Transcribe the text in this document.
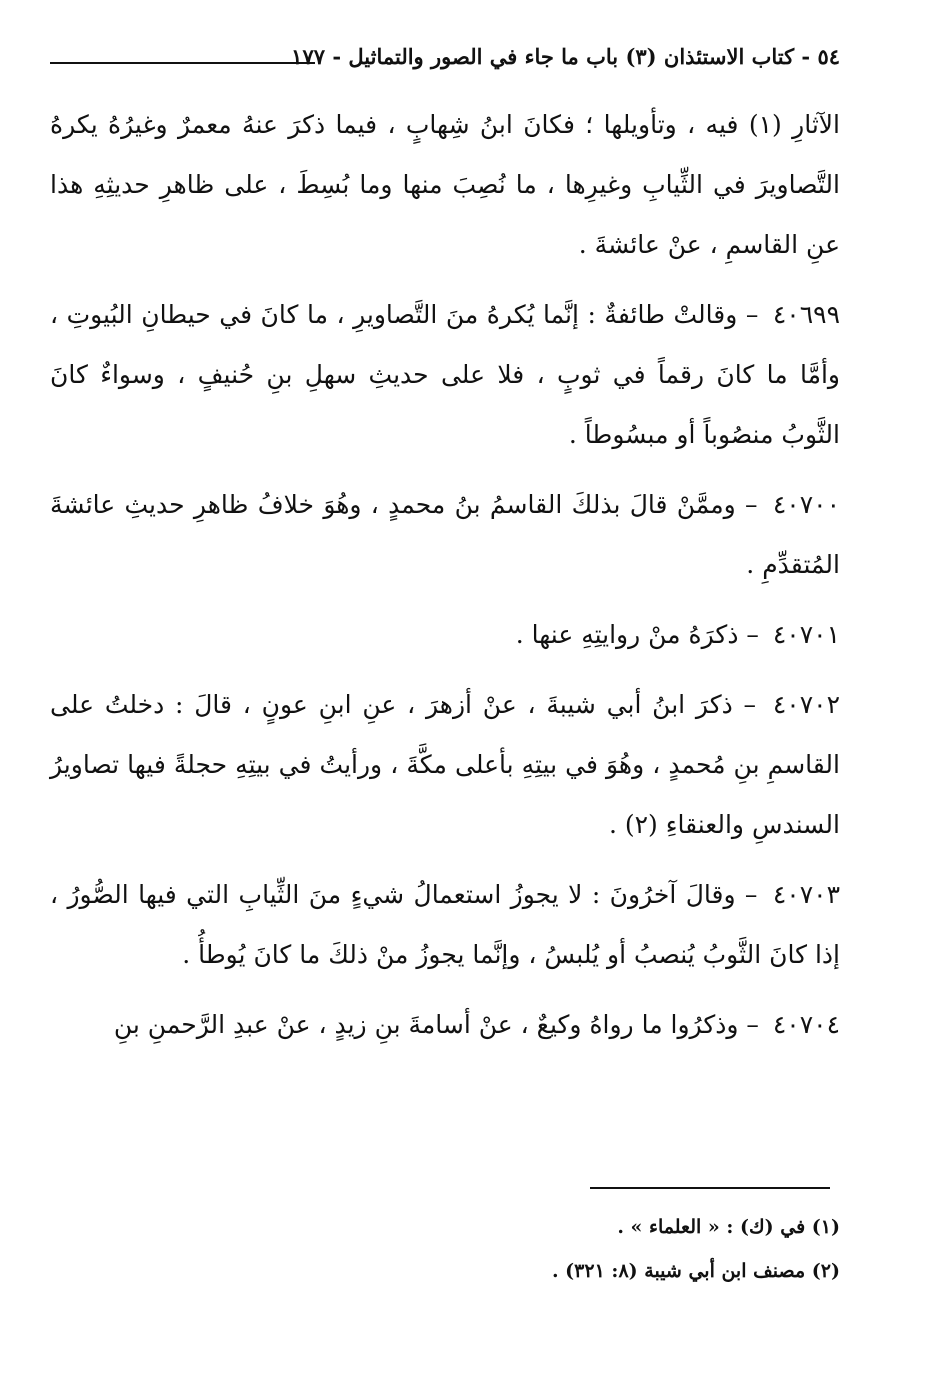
٥٤ - كتاب الاستئذان (٣) باب ما جاء في الصور والتماثيل - ١٧٧

الآثارِ (١) فيه ، وتأويلها ؛ فكانَ ابنُ شِهابٍ ، فيما ذكرَ عنهُ معمرٌ وغيرُهُ يكرهُ التَّصاويرَ في الثِّيابِ وغيرِها ، ما نُصِبَ منها وما بُسِطَ ، على ظاهرِ حديثِهِ هذا عنِ القاسمِ ، عنْ عائشةَ .

٤٠٦٩٩ – وقالتْ طائفةٌ : إنَّما يُكرهُ منَ التَّصاويرِ ، ما كانَ في حيطانِ البُيوتِ ، وأمَّا ما كانَ رقماً في ثوبٍ ، فلا على حديثِ سهلِ بنِ حُنيفٍ ، وسواءٌ كانَ الثَّوبُ منصُوباً أو مبسُوطاً .

٤٠٧٠٠ – وممَّنْ قالَ بذلكَ القاسمُ بنُ محمدٍ ، وهُوَ خلافُ ظاهرِ حديثِ عائشةَ المُتقدِّمِ .

٤٠٧٠١ – ذكرَهُ منْ روايتِهِ عنها .

٤٠٧٠٢ – ذكرَ ابنُ أبي شيبةَ ، عنْ أزهرَ ، عنِ ابنِ عونٍ ، قالَ : دخلتُ على القاسمِ بنِ مُحمدٍ ، وهُوَ في بيتِهِ بأعلى مكَّةَ ، ورأيتُ في بيتِهِ حجلةً فيها تصاويرُ السندسِ والعنقاءِ (٢) .

٤٠٧٠٣ – وقالَ آخرُونَ : لا يجوزُ استعمالُ شيءٍ منَ الثِّيابِ التي فيها الصُّورُ ، إذا كانَ الثَّوبُ يُنصبُ أو يُلبسُ ، وإنَّما يجوزُ منْ ذلكَ ما كانَ يُوطأُ .

٤٠٧٠٤ – وذكرُوا ما رواهُ وكيعٌ ، عنْ أسامةَ بنِ زيدٍ ، عنْ عبدِ الرَّحمنِ بنِ

(١) في (ك) : « العلماء » .

(٢) مصنف ابن أبي شيبة (٨: ٣٢١) .
